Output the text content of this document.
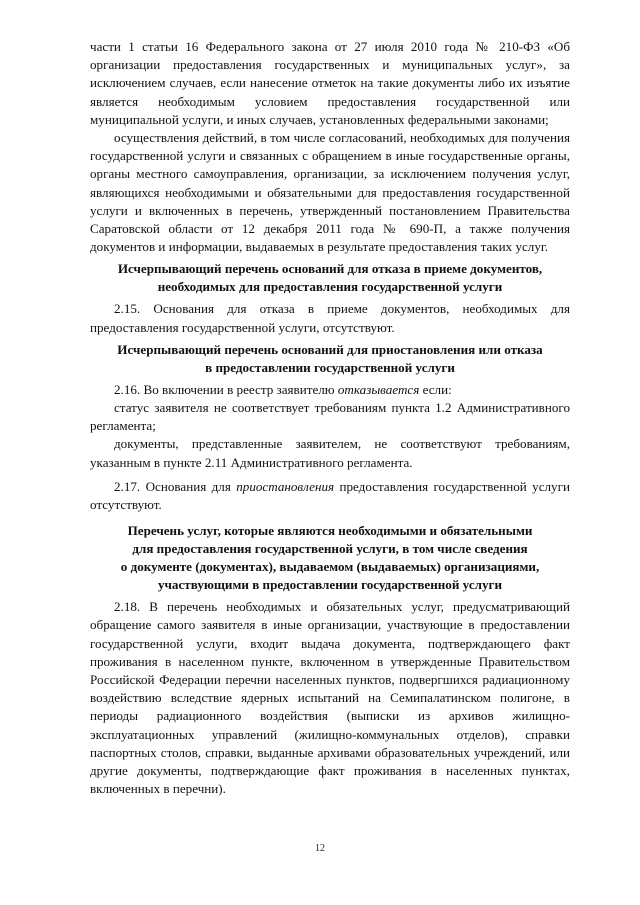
части 1 статьи 16 Федерального закона от 27 июля 2010 года № 210-ФЗ «Об организации предоставления государственных и муниципальных услуг», за исключением случаев, если нанесение отметок на такие документы либо их изъятие является необходимым условием предоставления государственной или муниципальной услуги, и иных случаев, установленных федеральными законами;

осуществления действий, в том числе согласований, необходимых для получения государственной услуги и связанных с обращением в иные государственные органы, органы местного самоуправления, организации, за исключением получения услуг, являющихся необходимыми и обязательными для предоставления государственной услуги и включенных в перечень, утвержденный постановлением Правительства Саратовской области от 12 декабря 2011 года № 690-П, а также получения документов и информации, выдаваемых в результате предоставления таких услуг.

Исчерпывающий перечень оснований для отказа в приеме документов,
необходимых для предоставления государственной услуги

2.15. Основания для отказа в приеме документов, необходимых для предоставления государственной услуги, отсутствуют.

Исчерпывающий перечень оснований для приостановления или отказа
в предоставлении государственной услуги

2.16. Во включении в реестр заявителю отказывается если:

статус заявителя не соответствует требованиям пункта 1.2 Административного регламента;

документы, представленные заявителем, не соответствуют требованиям, указанным в пункте 2.11 Административного регламента.

2.17. Основания для приостановления предоставления государственной услуги отсутствуют.

Перечень услуг, которые являются необходимыми и обязательными
для предоставления государственной услуги, в том числе сведения
о документе (документах), выдаваемом (выдаваемых) организациями,
участвующими в предоставлении государственной услуги

2.18. В перечень необходимых и обязательных услуг, предусматривающий обращение самого заявителя в иные организации, участвующие в предоставлении государственной услуги, входит выдача документа, подтверждающего факт проживания в населенном пункте, включенном в утвержденные Правительством Российской Федерации перечни населенных пунктов, подвергшихся радиационному воздействию вследствие ядерных испытаний на Семипалатинском полигоне, в периоды радиационного воздействия (выписки из архивов жилищно-эксплуатационных управлений (жилищно-коммунальных отделов), справки паспортных столов, справки, выданные архивами образовательных учреждений, или другие документы, подтверждающие факт проживания в населенных пунктах, включенных в перечни).

12
